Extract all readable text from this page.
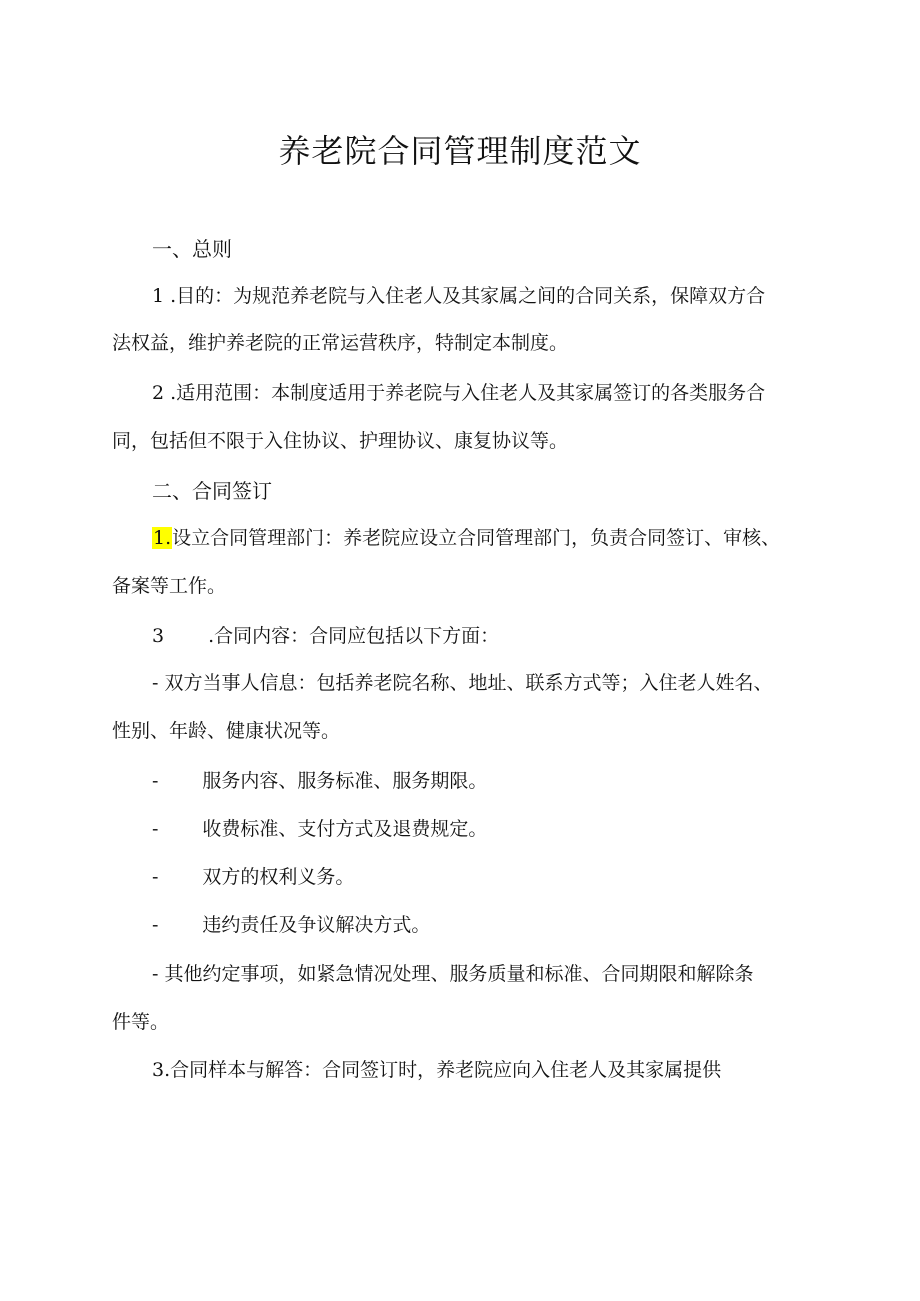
养老院合同管理制度范文
一、总则
1 .目的：为规范养老院与入住老人及其家属之间的合同关系，保障双方合
法权益，维护养老院的正常运营秩序，特制定本制度。
2 .适用范围：本制度适用于养老院与入住老人及其家属签订的各类服务合
同，包括但不限于入住协议、护理协议、康复协议等。
二、合同签订
1.设立合同管理部门：养老院应设立合同管理部门，负责合同签订、审核、
备案等工作。
3 .合同内容：合同应包括以下方面：
- 双方当事人信息：包括养老院名称、地址、联系方式等；入住老人姓名、
性别、年龄、健康状况等。
- 服务内容、服务标准、服务期限。
- 收费标准、支付方式及退费规定。
- 双方的权利义务。
- 违约责任及争议解决方式。
- 其他约定事项，如紧急情况处理、服务质量和标准、合同期限和解除条
件等。
3.合同样本与解答：合同签订时，养老院应向入住老人及其家属提供
